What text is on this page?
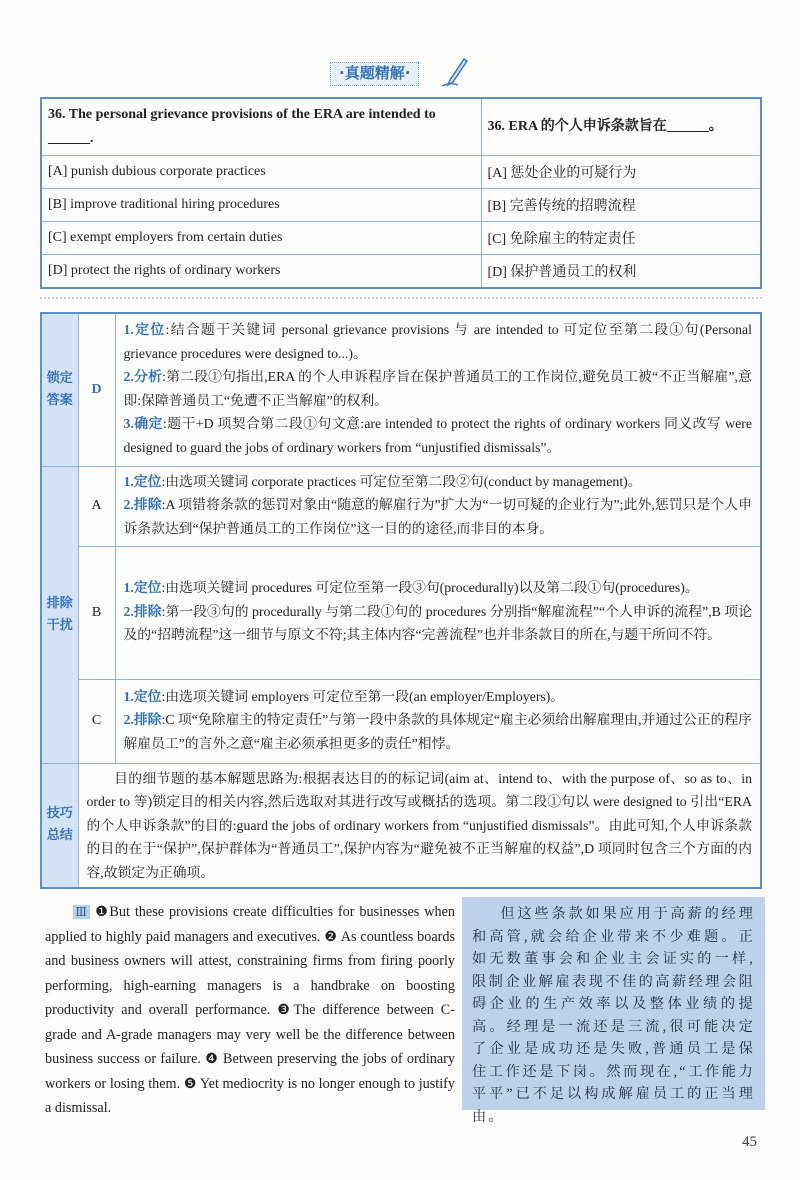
·真题精解·
36. The personal grievance provisions of the ERA are intended to ______.	36. ERA 的个人申诉条款旨在______。
[A] punish dubious corporate practices	[A] 惩处企业的可疑行为
[B] improve traditional hiring procedures	[B] 完善传统的招聘流程
[C] exempt employers from certain duties	[C] 免除雇主的特定责任
[D] protect the rights of ordinary workers	[D] 保护普通员工的权利
锁定答案	D	1.定位:结合题干关键词 personal grievance provisions 与 are intended to 可定位至第二段①句(Personal grievance procedures were designed to...)。
2.分析:第二段①句指出,ERA 的个人申诉程序旨在保护普通员工的工作岗位,避免员工被“不正当解雇”,意即:保障普通员工“免遭不正当解雇”的权利。
3.确定:题干+D 项契合第二段①句文意:are intended to protect the rights of ordinary workers 同义改写 were designed to guard the jobs of ordinary workers from “unjustified dismissals”。

排除干扰	A	1.定位:由选项关键词 corporate practices 可定位至第二段②句(conduct by management)。
2.排除:A 项错将条款的惩罚对象由“随意的解雇行为”扩大为“一切可疑的企业行为”;此外,惩罚只是个人申诉条款达到“保护普通员工的工作岗位”这一目的的途径,而非目的本身。

	B	1.定位:由选项关键词 procedures 可定位至第一段③句(procedurally)以及第二段①句(procedures)。
2.排除:第一段③句的 procedurally 与第二段①句的 procedures 分别指“解雇流程”“个人申诉的流程”,B 项论及的“招聘流程”这一细节与原文不符;其主体内容“完善流程”也并非条款目的所在,与题干所问不符。

	C	1.定位:由选项关键词 employers 可定位至第一段(an employer/Employers)。
2.排除:C 项“免除雇主的特定责任”与第一段中条款的具体规定“雇主必须给出解雇理由,并通过公正的程序解雇员工”的言外之意“雇主必须承担更多的责任”相悖。

技巧总结	目的细节题的基本解题思路为:根据表达目的的标记词(aim at、intend to、with the purpose of、so as to、in order to 等)锁定目的相关内容,然后选取对其进行改写或概括的选项。第二段①句以 were designed to 引出“ERA 的个人申诉条款”的目的:guard the jobs of ordinary workers from “unjustified dismissals”。由此可知,个人申诉条款的目的在于“保护”,保护群体为“普通员工”,保护内容为“避免被不正当解雇的权益”,D 项同时包含三个方面的内容,故锁定为正确项。	
Ⅲ ❶But these provisions create difficulties for businesses when applied to highly paid managers and executives. ❷ As countless boards and business owners will attest, constraining firms from firing poorly performing, high-earning managers is a handbrake on boosting productivity and overall performance. ❸The difference between C-grade and A-grade managers may very well be the difference between business success or failure. ❹ Between preserving the jobs of ordinary workers or losing them. ❺ Yet mediocrity is no longer enough to justify a dismissal.
但这些条款如果应用于高薪的经理和高管,就会给企业带来不少难题。正如无数董事会和企业主会证实的一样,限制企业解雇表现不佳的高薪经理会阻碍企业的生产效率以及整体业绩的提高。经理是一流还是三流,很可能决定了企业是成功还是失败,普通员工是保住工作还是下岗。然而现在,“工作能力平平”已不足以构成解雇员工的正当理由。
45
